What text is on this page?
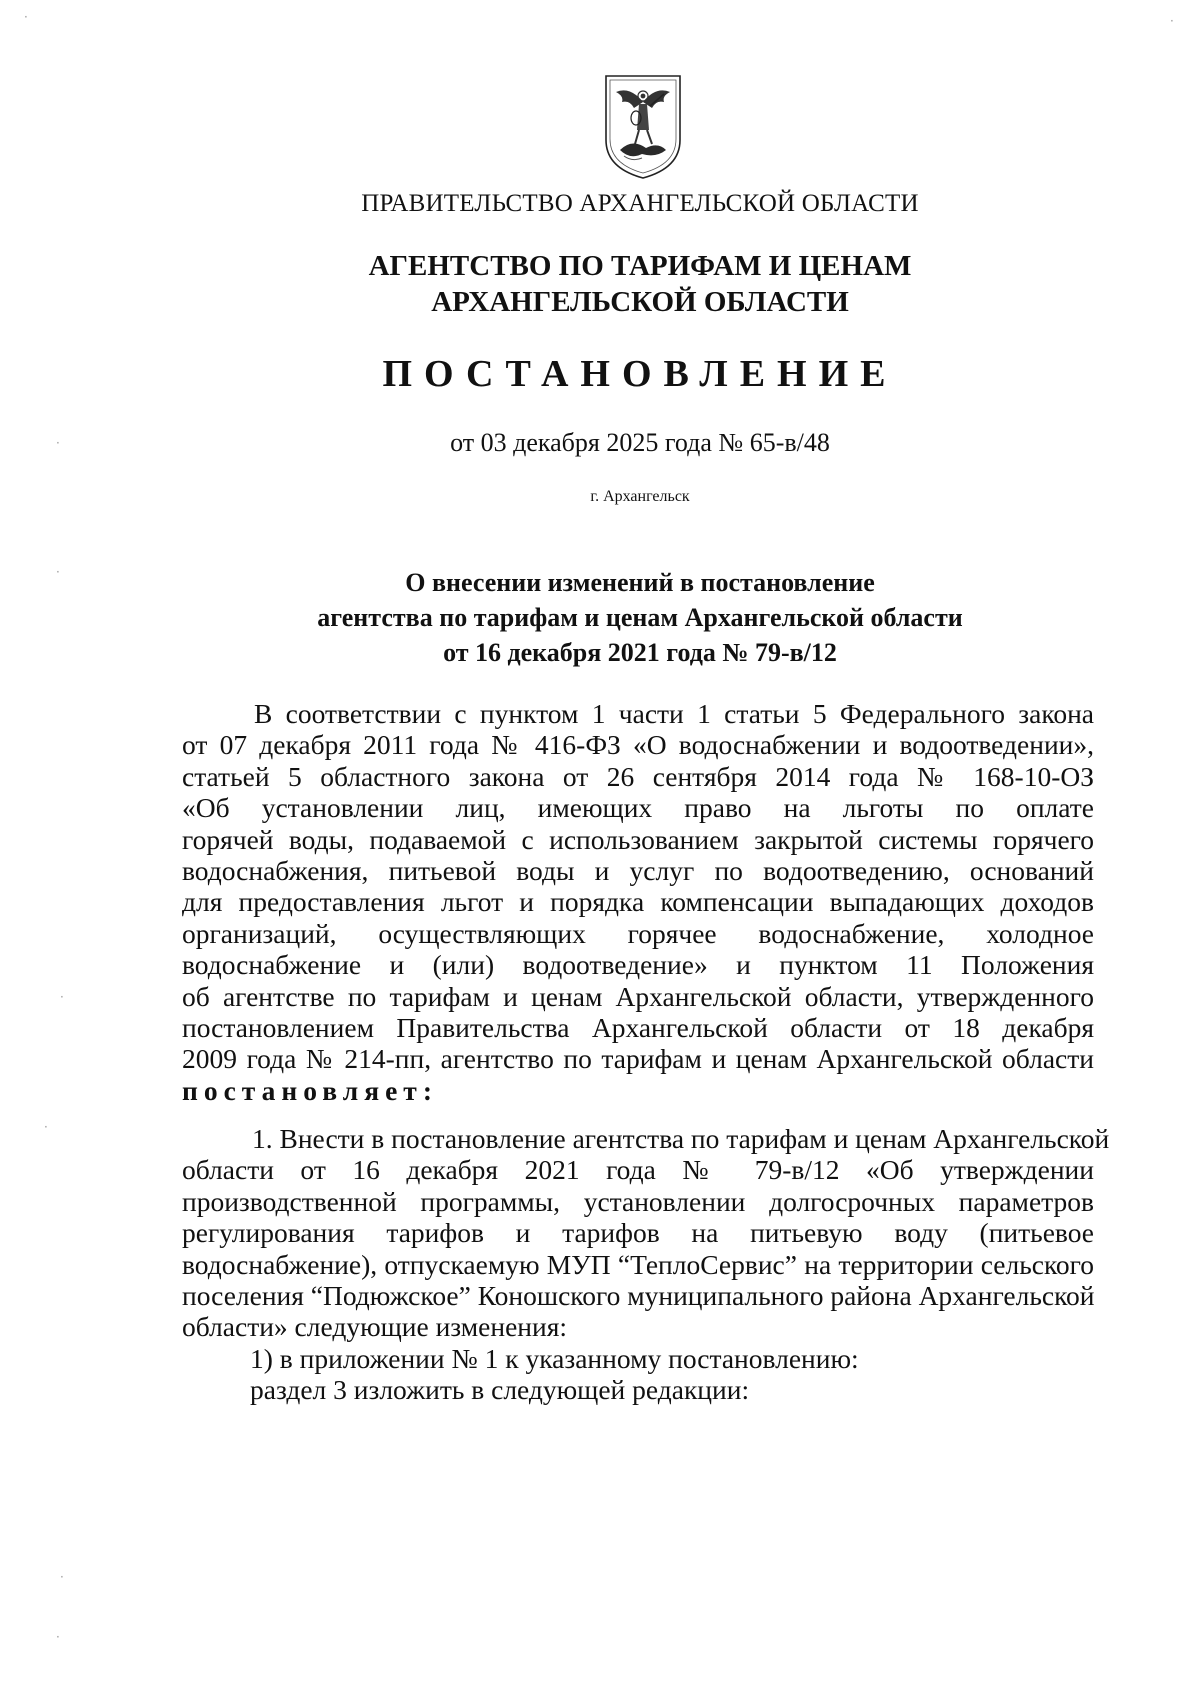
ПРАВИТЕЛЬСТВО АРХАНГЕЛЬСКОЙ ОБЛАСТИ
АГЕНТСТВО ПО ТАРИФАМ И ЦЕНАМ
АРХАНГЕЛЬСКОЙ ОБЛАСТИ
ПОСТАНОВЛЕНИЕ
от 03 декабря 2025 года № 65-в/48
г. Архангельск
О внесении изменений в постановление
агентства по тарифам и ценам Архангельской области
от 16 декабря 2021 года № 79-в/12
В соответствии с пунктом 1 части 1 статьи 5 Федерального закона
от 07 декабря 2011 года № 416-ФЗ «О водоснабжении и водоотведении»,
статьей 5 областного закона от 26 сентября 2014 года № 168-10-ОЗ
«Об установлении лиц, имеющих право на льготы по оплате
горячей воды, подаваемой с использованием закрытой системы горячего
водоснабжения, питьевой воды и услуг по водоотведению, оснований
для предоставления льгот и порядка компенсации выпадающих доходов
организаций, осуществляющих горячее водоснабжение, холодное
водоснабжение и (или) водоотведение» и пунктом 11 Положения
об агентстве по тарифам и ценам Архангельской области, утвержденного
постановлением Правительства Архангельской области от 18 декабря
2009 года № 214-пп, агентство по тарифам и ценам Архангельской области
постановляет:
1. Внести в постановление агентства по тарифам и ценам Архангельской
области от 16 декабря 2021 года № 79-в/12 «Об утверждении
производственной программы, установлении долгосрочных параметров
регулирования тарифов и тарифов на питьевую воду (питьевое
водоснабжение), отпускаемую МУП “ТеплоСервис” на территории сельского
поселения “Подюжское” Коношского муниципального района Архангельской
области» следующие изменения:
1) в приложении № 1 к указанному постановлению:
раздел 3 изложить в следующей редакции:
·
·
·
·
·
·
·
·
